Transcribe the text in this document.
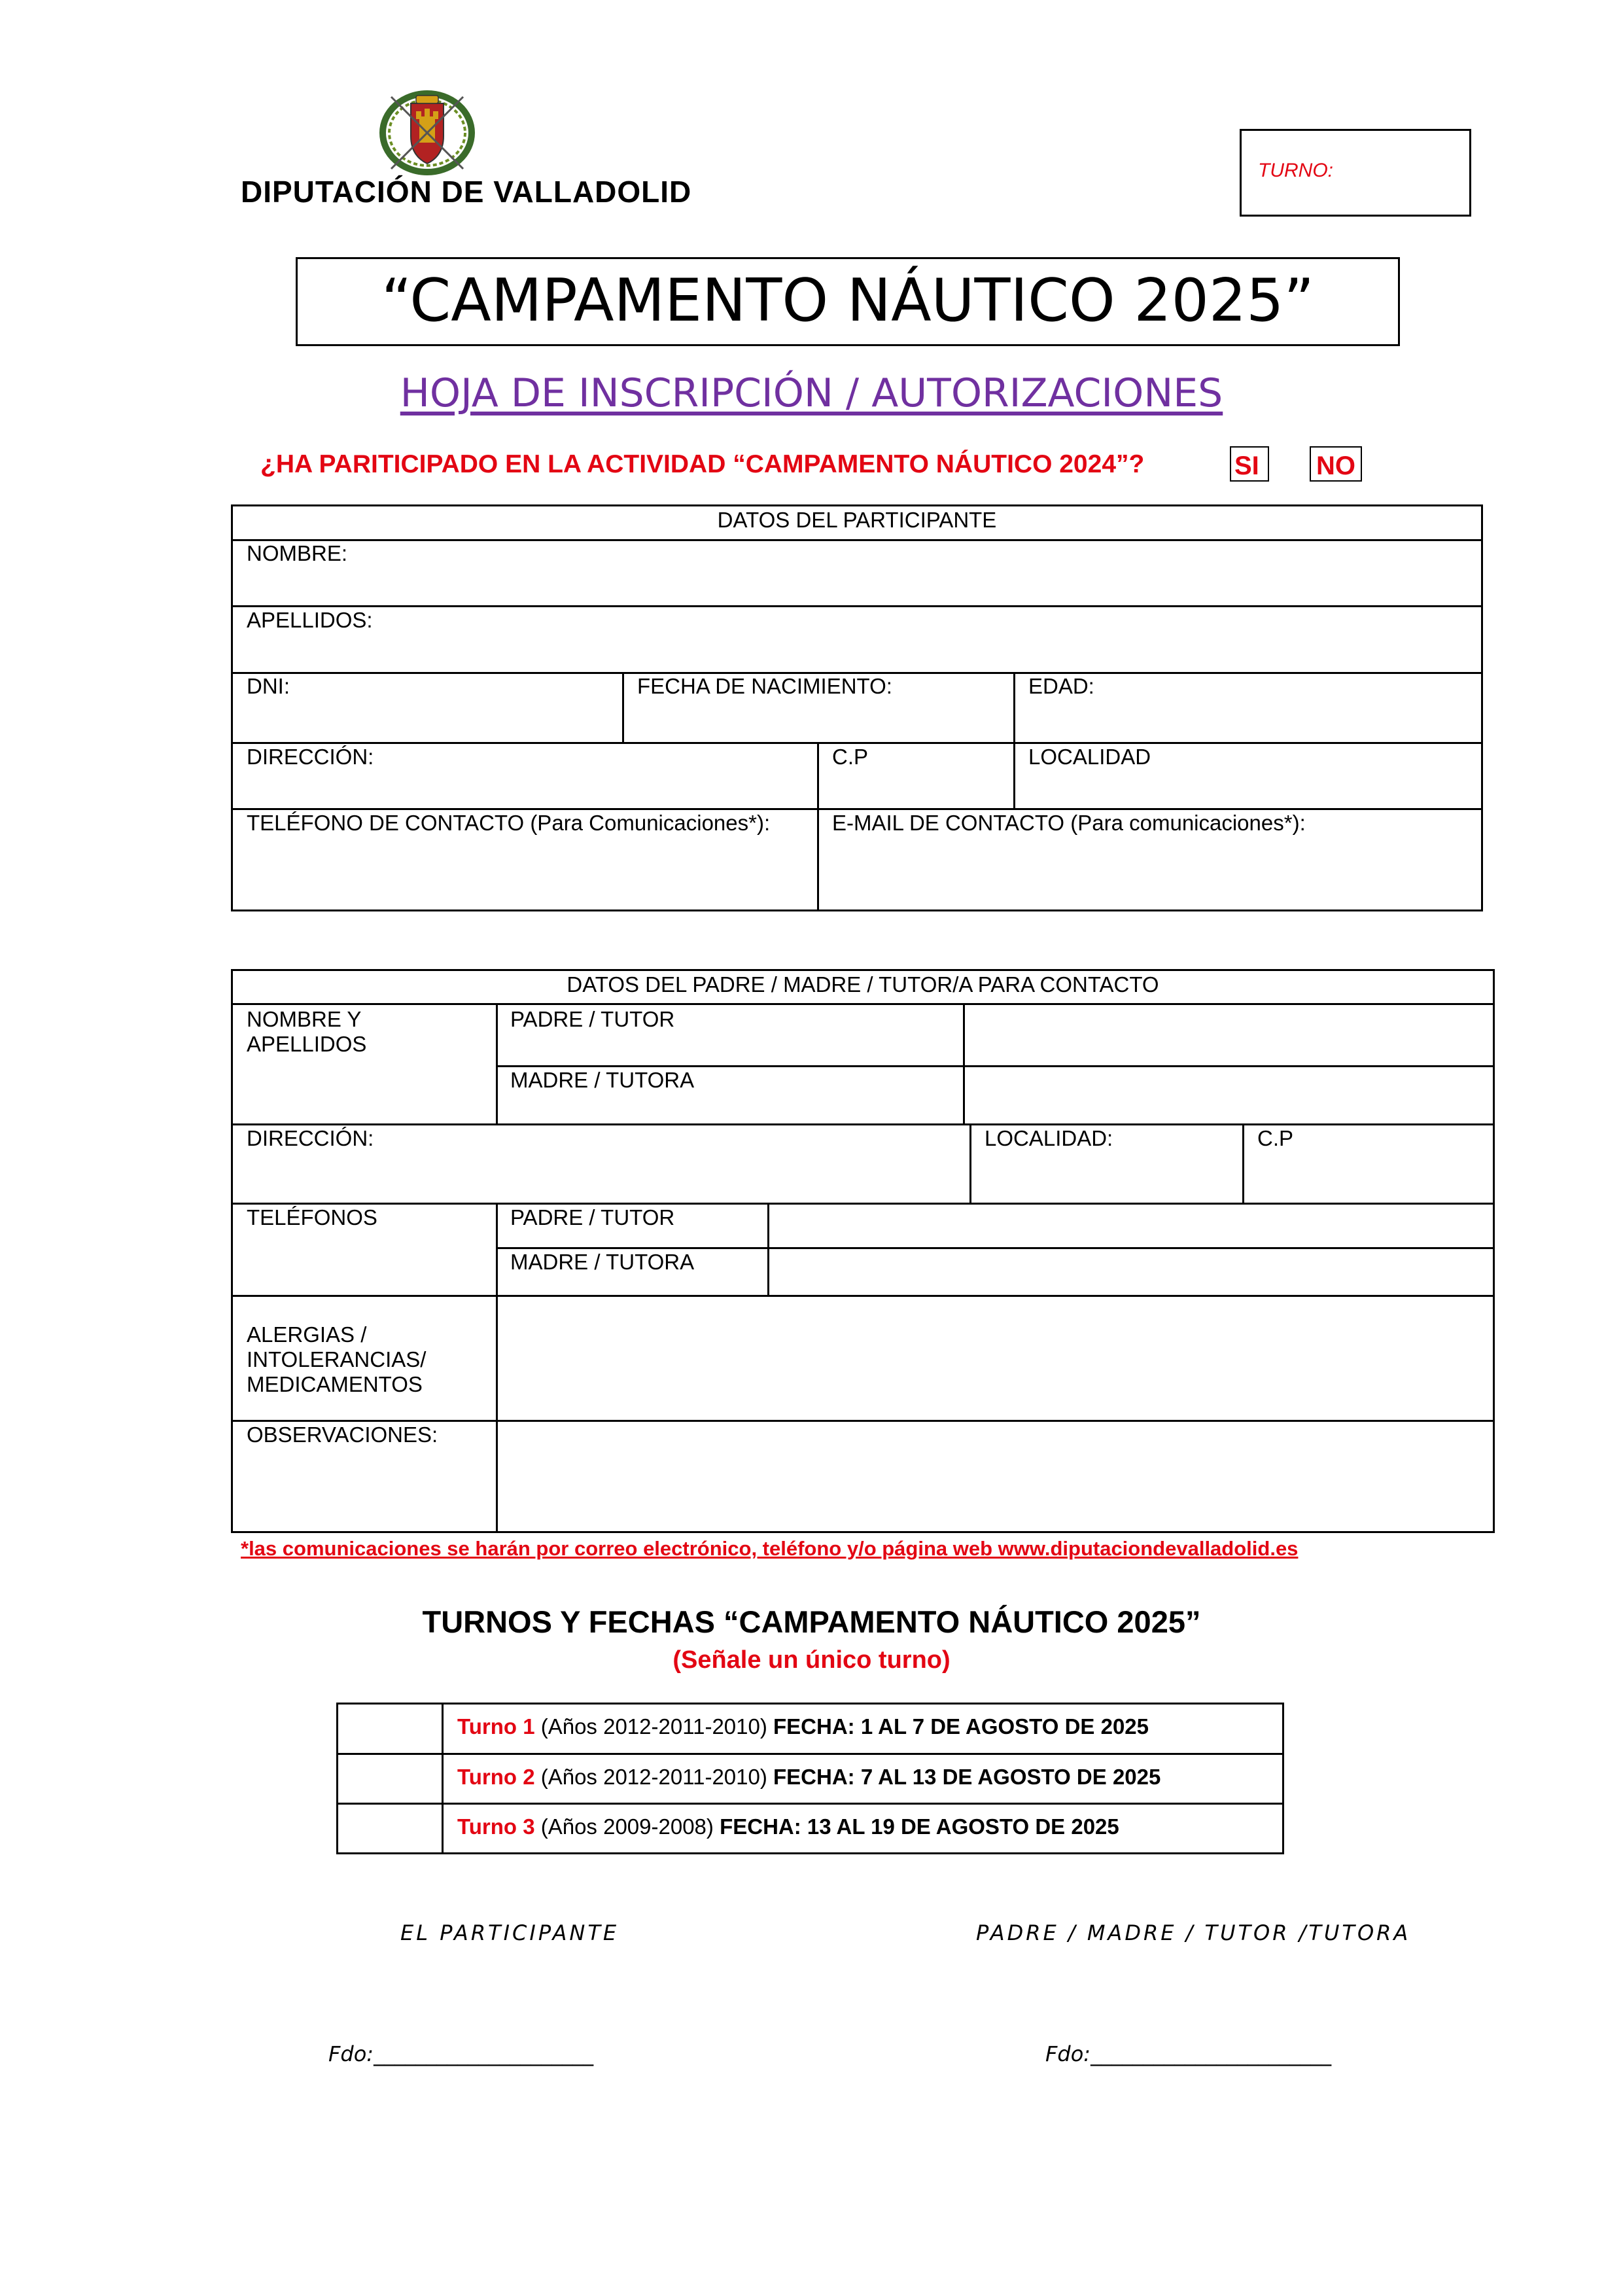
DIPUTACIÓN DE VALLADOLID
TURNO:
“CAMPAMENTO NÁUTICO 2025”
HOJA DE INSCRIPCIÓN / AUTORIZACIONES
¿HA PARITICIPADO EN LA ACTIVIDAD “CAMPAMENTO NÁUTICO 2024”?	SI NO
DATOS DEL PARTICIPANTE
NOMBRE:
APELLIDOS:
DNI:	FECHA DE NACIMIENTO:	EDAD:
DIRECCIÓN:	C.P	LOCALIDAD
TELÉFONO DE CONTACTO (Para Comunicaciones*):	E-MAIL DE CONTACTO (Para comunicaciones*):
DATOS DEL PADRE / MADRE / TUTOR/A PARA CONTACTO
NOMBRE Y
APELLIDOS
PADRE / TUTOR
MADRE / TUTORA
DIRECCIÓN:	LOCALIDAD:	C.P
TELÉFONOS	PADRE / TUTOR
MADRE / TUTORA
ALERGIAS /
INTOLERANCIAS/
MEDICAMENTOS
OBSERVACIONES:
*las comunicaciones se harán por correo electrónico, teléfono y/o página web www.diputaciondevalladolid.es
TURNOS Y FECHAS “CAMPAMENTO NÁUTICO 2025”
(Señale un único turno)
Turno 1 (Años 2012-2011-2010) FECHA: 1 AL 7 DE AGOSTO DE 2025
Turno 2 (Años 2012-2011-2010) FECHA: 7 AL 13 DE AGOSTO DE 2025
Turno 3 (Años 2009-2008) FECHA: 13 AL 19 DE AGOSTO DE 2025
EL PARTICIPANTE	PADRE / MADRE / TUTOR /TUTORA
Fdo:_____________________	Fdo:_______________________
